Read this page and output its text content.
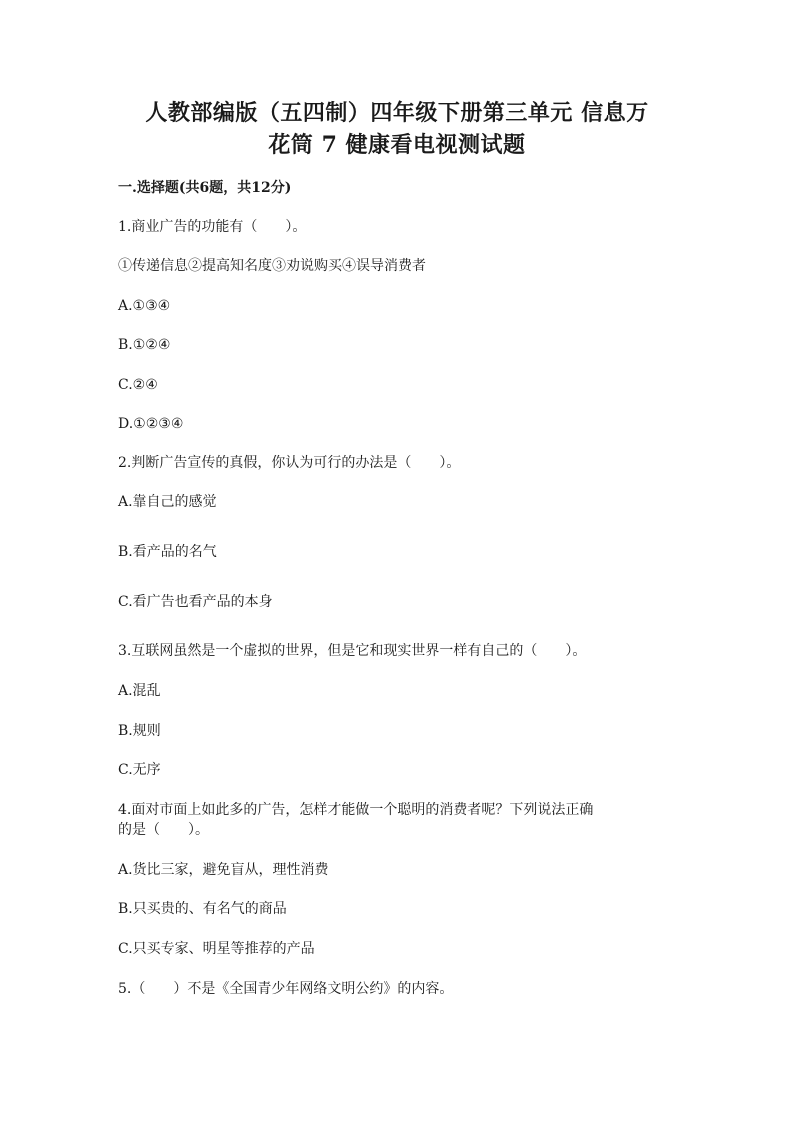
人教部编版（五四制）四年级下册第三单元 信息万
花筒 7 健康看电视测试题
一.选择题(共6题，共12分)
1.商业广告的功能有（　　）。
①传递信息②提高知名度③劝说购买④误导消费者
A.①③④
B.①②④
C.②④
D.①②③④
2.判断广告宣传的真假，你认为可行的办法是（　　）。
A.靠自己的感觉
B.看产品的名气
C.看广告也看产品的本身
3.互联网虽然是一个虚拟的世界，但是它和现实世界一样有自己的（　　）。
A.混乱
B.规则
C.无序
4.面对市面上如此多的广告，怎样才能做一个聪明的消费者呢？下列说法正确
的是（　　）。
A.货比三家，避免盲从，理性消费
B.只买贵的、有名气的商品
C.只买专家、明星等推荐的产品
5.（　　）不是《全国青少年网络文明公约》的内容。
